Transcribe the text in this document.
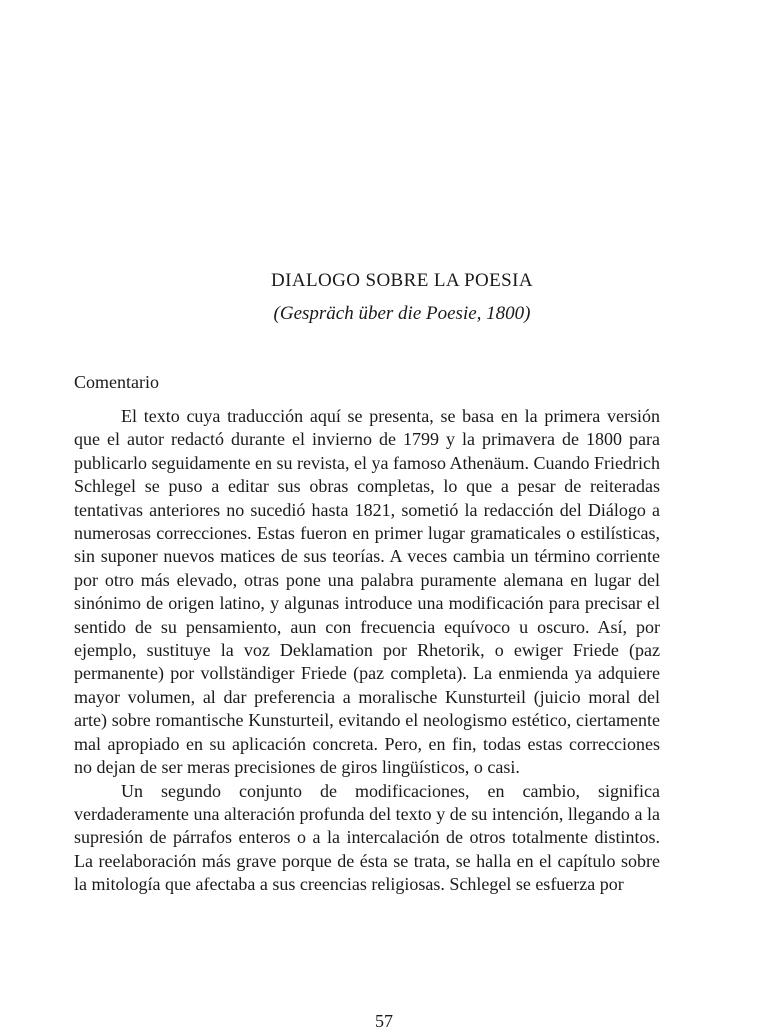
DIALOGO SOBRE LA POESIA
(Gespräch über die Poesie, 1800)
Comentario

El texto cuya traducción aquí se presenta, se basa en la primera versión que el autor redactó durante el invierno de 1799 y la primavera de 1800 para publicarlo seguidamente en su revista, el ya famoso Athenäum. Cuando Friedrich Schlegel se puso a editar sus obras completas, lo que a pesar de reiteradas tentativas anteriores no sucedió hasta 1821, sometió la redacción del Diálogo a numerosas correcciones. Estas fueron en primer lugar gramaticales o estilísticas, sin suponer nuevos matices de sus teorías. A veces cambia un término corriente por otro más elevado, otras pone una palabra puramente alemana en lugar del sinónimo de origen latino, y algunas introduce una modificación para precisar el sentido de su pensamiento, aun con frecuencia equívoco u oscuro. Así, por ejemplo, sustituye la voz Deklamation por Rhetorik, o ewiger Friede (paz permanente) por vollständiger Friede (paz completa). La enmienda ya adquiere mayor volumen, al dar preferencia a moralische Kunsturteil (juicio moral del arte) sobre romantische Kunsturteil, evitando el neologismo estético, ciertamente mal apropiado en su aplicación concreta. Pero, en fin, todas estas correcciones no dejan de ser meras precisiones de giros lingüísticos, o casi.

Un segundo conjunto de modificaciones, en cambio, significa verdaderamente una alteración profunda del texto y de su intención, llegando a la supresión de párrafos enteros o a la intercalación de otros totalmente distintos. La reelaboración más grave porque de ésta se trata, se halla en el capítulo sobre la mitología que afectaba a sus creencias religiosas. Schlegel se esfuerza por

57
